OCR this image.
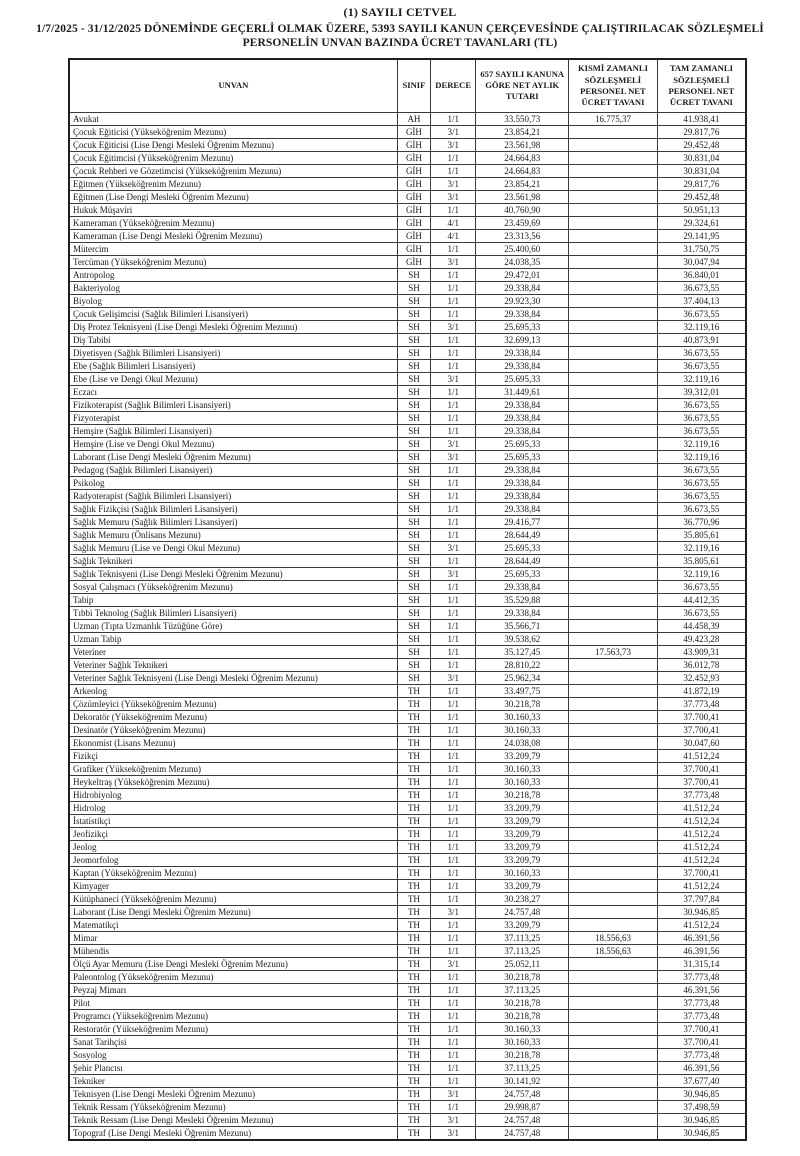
(1) SAYILI CETVEL
1/7/2025 - 31/12/2025 DÖNEMİNDE GEÇERLİ OLMAK ÜZERE, 5393 SAYILI KANUN ÇERÇEVESİNDE ÇALIŞTIRILACAK SÖZLEŞMELİ
PERSONELİN UNVAN BAZINDA ÜCRET TAVANLARI (TL)
UNVAN	SINIF	DERECE	657 SAYILI KANUNA GÖRE NET AYLIK TUTARI	KISMİ ZAMANLI SÖZLEŞMELİ PERSONEL NET ÜCRET TAVANI	TAM ZAMANLI SÖZLEŞMELİ PERSONEL NET ÜCRET TAVANI
Avukat	AH	1/1	33.550,73	16.775,37	41.938,41
Çocuk Eğiticisi (Yükseköğrenim Mezunu)	GİH	3/1	23.854,21		29.817,76
Çocuk Eğiticisi (Lise Dengi Mesleki Öğrenim Mezunu)	GİH	3/1	23.561,98		29.452,48
Çocuk Eğitimcisi (Yükseköğrenim Mezunu)	GİH	1/1	24.664,83		30.831,04
Çocuk Rehberi ve Gözetimcisi (Yükseköğrenim Mezunu)	GİH	1/1	24.664,83		30.831,04
Eğitmen (Yükseköğrenim Mezunu)	GİH	3/1	23.854,21		29.817,76
Eğitmen (Lise Dengi Mesleki Öğrenim Mezunu)	GİH	3/1	23.561,98		29.452,48
Hukuk Müşaviri	GİH	1/1	40.760,90		50.951,13
Kameraman (Yükseköğrenim Mezunu)	GİH	4/1	23.459,69		29.324,61
Kameraman (Lise Dengi Mesleki Öğrenim Mezunu)	GİH	4/1	23.313,56		29.141,95
Mütercim	GİH	1/1	25.400,60		31.750,75
Tercüman (Yükseköğrenim Mezunu)	GİH	3/1	24.038,35		30.047,94
Antropolog	SH	1/1	29.472,01		36.840,01
Bakteriyolog	SH	1/1	29.338,84		36.673,55
Biyolog	SH	1/1	29.923,30		37.404,13
Çocuk Gelişimcisi (Sağlık Bilimleri Lisansiyeri)	SH	1/1	29.338,84		36.673,55
Diş Protez Teknisyeni (Lise Dengi Mesleki Öğrenim Mezunu)	SH	3/1	25.695,33		32.119,16
Diş Tabibi	SH	1/1	32.699,13		40.873,91
Diyetisyen (Sağlık Bilimleri Lisansiyeri)	SH	1/1	29.338,84		36.673,55
Ebe (Sağlık Bilimleri Lisansiyeri)	SH	1/1	29.338,84		36.673,55
Ebe (Lise ve Dengi Okul Mezunu)	SH	3/1	25.695,33		32.119,16
Eczacı	SH	1/1	31.449,61		39.312,01
Fizikoterapist (Sağlık Bilimleri Lisansiyeri)	SH	1/1	29.338,84		36.673,55
Fizyoterapist	SH	1/1	29.338,84		36.673,55
Hemşire (Sağlık Bilimleri Lisansiyeri)	SH	1/1	29.338,84		36.673,55
Hemşire (Lise ve Dengi Okul Mezunu)	SH	3/1	25.695,33		32.119,16
Laborant (Lise Dengi Mesleki Öğrenim Mezunu)	SH	3/1	25.695,33		32.119,16
Pedagog (Sağlık Bilimleri Lisansiyeri)	SH	1/1	29.338,84		36.673,55
Psikolog	SH	1/1	29.338,84		36.673,55
Radyoterapist (Sağlık Bilimleri Lisansiyeri)	SH	1/1	29.338,84		36.673,55
Sağlık Fizikçisi (Sağlık Bilimleri Lisansiyeri)	SH	1/1	29.338,84		36.673,55
Sağlık Memuru (Sağlık Bilimleri Lisansiyeri)	SH	1/1	29.416,77		36.770,96
Sağlık Memuru (Önlisans Mezunu)	SH	1/1	28.644,49		35.805,61
Sağlık Memuru (Lise ve Dengi Okul Mezunu)	SH	3/1	25.695,33		32.119,16
Sağlık Teknikeri	SH	1/1	28.644,49		35.805,61
Sağlık Teknisyeni (Lise Dengi Mesleki Öğrenim Mezunu)	SH	3/1	25.695,33		32.119,16
Sosyal Çalışmacı (Yükseköğrenim Mezunu)	SH	1/1	29.338,84		36.673,55
Tabip	SH	1/1	35.529,88		44.412,35
Tıbbi Teknolog (Sağlık Bilimleri Lisansiyeri)	SH	1/1	29.338,84		36.673,55
Uzman (Tıpta Uzmanlık Tüzüğüne Göre)	SH	1/1	35.566,71		44.458,39
Uzman Tabip	SH	1/1	39.538,62		49.423,28
Veteriner	SH	1/1	35.127,45	17.563,73	43.909,31
Veteriner Sağlık Teknikeri	SH	1/1	28.810,22		36.012,78
Veteriner Sağlık Teknisyeni (Lise Dengi Mesleki Öğrenim Mezunu)	SH	3/1	25.962,34		32.452,93
Arkeolog	TH	1/1	33.497,75		41.872,19
Çözümleyici (Yükseköğrenim Mezunu)	TH	1/1	30.218,78		37.773,48
Dekoratör (Yükseköğrenim Mezunu)	TH	1/1	30.160,33		37.700,41
Desinatör (Yükseköğrenim Mezunu)	TH	1/1	30.160,33		37.700,41
Ekonomist (Lisans Mezunu)	TH	1/1	24.038,08		30.047,60
Fizikçi	TH	1/1	33.209,79		41.512,24
Grafiker (Yükseköğrenim Mezunu)	TH	1/1	30.160,33		37.700,41
Heykeltraş (Yükseköğrenim Mezunu)	TH	1/1	30.160,33		37.700,41
Hidrobiyolog	TH	1/1	30.218,78		37.773,48
Hidrolog	TH	1/1	33.209,79		41.512,24
İstatistikçi	TH	1/1	33.209,79		41.512,24
Jeofizikçi	TH	1/1	33.209,79		41.512,24
Jeolog	TH	1/1	33.209,79		41.512,24
Jeomorfolog	TH	1/1	33.209,79		41.512,24
Kaptan (Yükseköğrenim Mezunu)	TH	1/1	30.160,33		37.700,41
Kimyager	TH	1/1	33.209,79		41.512,24
Kütüphaneci (Yükseköğrenim Mezunu)	TH	1/1	30.238,27		37.797,84
Laborant (Lise Dengi Mesleki Öğrenim Mezunu)	TH	3/1	24.757,48		30.946,85
Matematikçi	TH	1/1	33.209,79		41.512,24
Mimar	TH	1/1	37.113,25	18.556,63	46.391,56
Mühendis	TH	1/1	37.113,25	18.556,63	46.391,56
Ölçü Ayar Memuru (Lise Dengi Mesleki Öğrenim Mezunu)	TH	3/1	25.052,11		31.315,14
Paleontolog (Yükseköğrenim Mezunu)	TH	1/1	30.218,78		37.773,48
Peyzaj Mimarı	TH	1/1	37.113,25		46.391,56
Pilot	TH	1/1	30.218,78		37.773,48
Programcı (Yükseköğrenim Mezunu)	TH	1/1	30.218,78		37.773,48
Restoratör (Yükseköğrenim Mezunu)	TH	1/1	30.160,33		37.700,41
Sanat Tarihçisi	TH	1/1	30.160,33		37.700,41
Sosyolog	TH	1/1	30.218,78		37.773,48
Şehir Plancısı	TH	1/1	37.113,25		46.391,56
Tekniker	TH	1/1	30.141,92		37.677,40
Teknisyen (Lise Dengi Mesleki Öğrenim Mezunu)	TH	3/1	24.757,48		30.946,85
Teknik Ressam (Yükseköğrenim Mezunu)	TH	1/1	29.998,87		37.498,59
Teknik Ressam (Lise Dengi Mesleki Öğrenim Mezunu)	TH	3/1	24.757,48		30.946,85
Topograf (Lise Dengi Mesleki Öğrenim Mezunu)	TH	3/1	24.757,48		30.946,85
